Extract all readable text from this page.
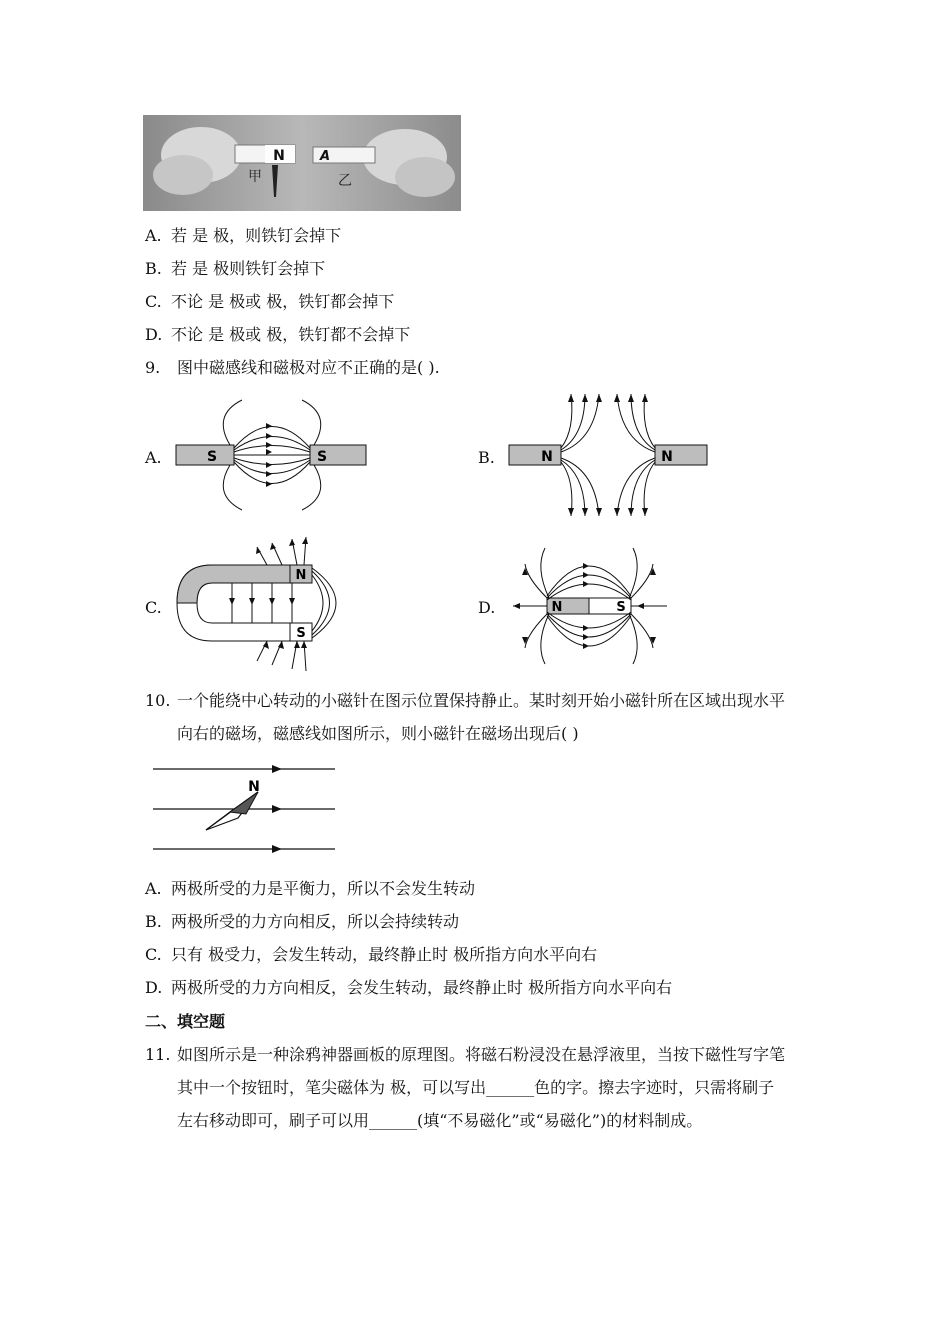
N	A
甲	乙
A. 若 是 极，则铁钉会掉下
B. 若 是 极则铁钉会掉下
C. 不论 是 极或 极，铁钉都会掉下
D. 不论 是 极或 极，铁钉都不会掉下
9. 图中磁感线和磁极对应不正确的是( ).
A.	S	S	B.	N	N
C.
N
S
D.	N	S
10. 一个能绕中心转动的小磁针在图示位置保持静止。某时刻开始小磁针所在区域出现水平
向右的磁场，磁感线如图所示，则小磁针在磁场出现后( )
N
A. 两极所受的力是平衡力，所以不会发生转动
B. 两极所受的力方向相反，所以会持续转动
C. 只有 极受力，会发生转动，最终静止时 极所指方向水平向右
D. 两极所受的力方向相反，会发生转动，最终静止时 极所指方向水平向右
二、填空题
11. 如图所示是一种涂鸦神器画板的原理图。将磁石粉浸没在悬浮液里，当按下磁性写字笔
其中一个按钮时，笔尖磁体为 极，可以写出______色的字。擦去字迹时，只需将刷子
左右移动即可，刷子可以用______(填“不易磁化”或“易磁化”)的材料制成。
